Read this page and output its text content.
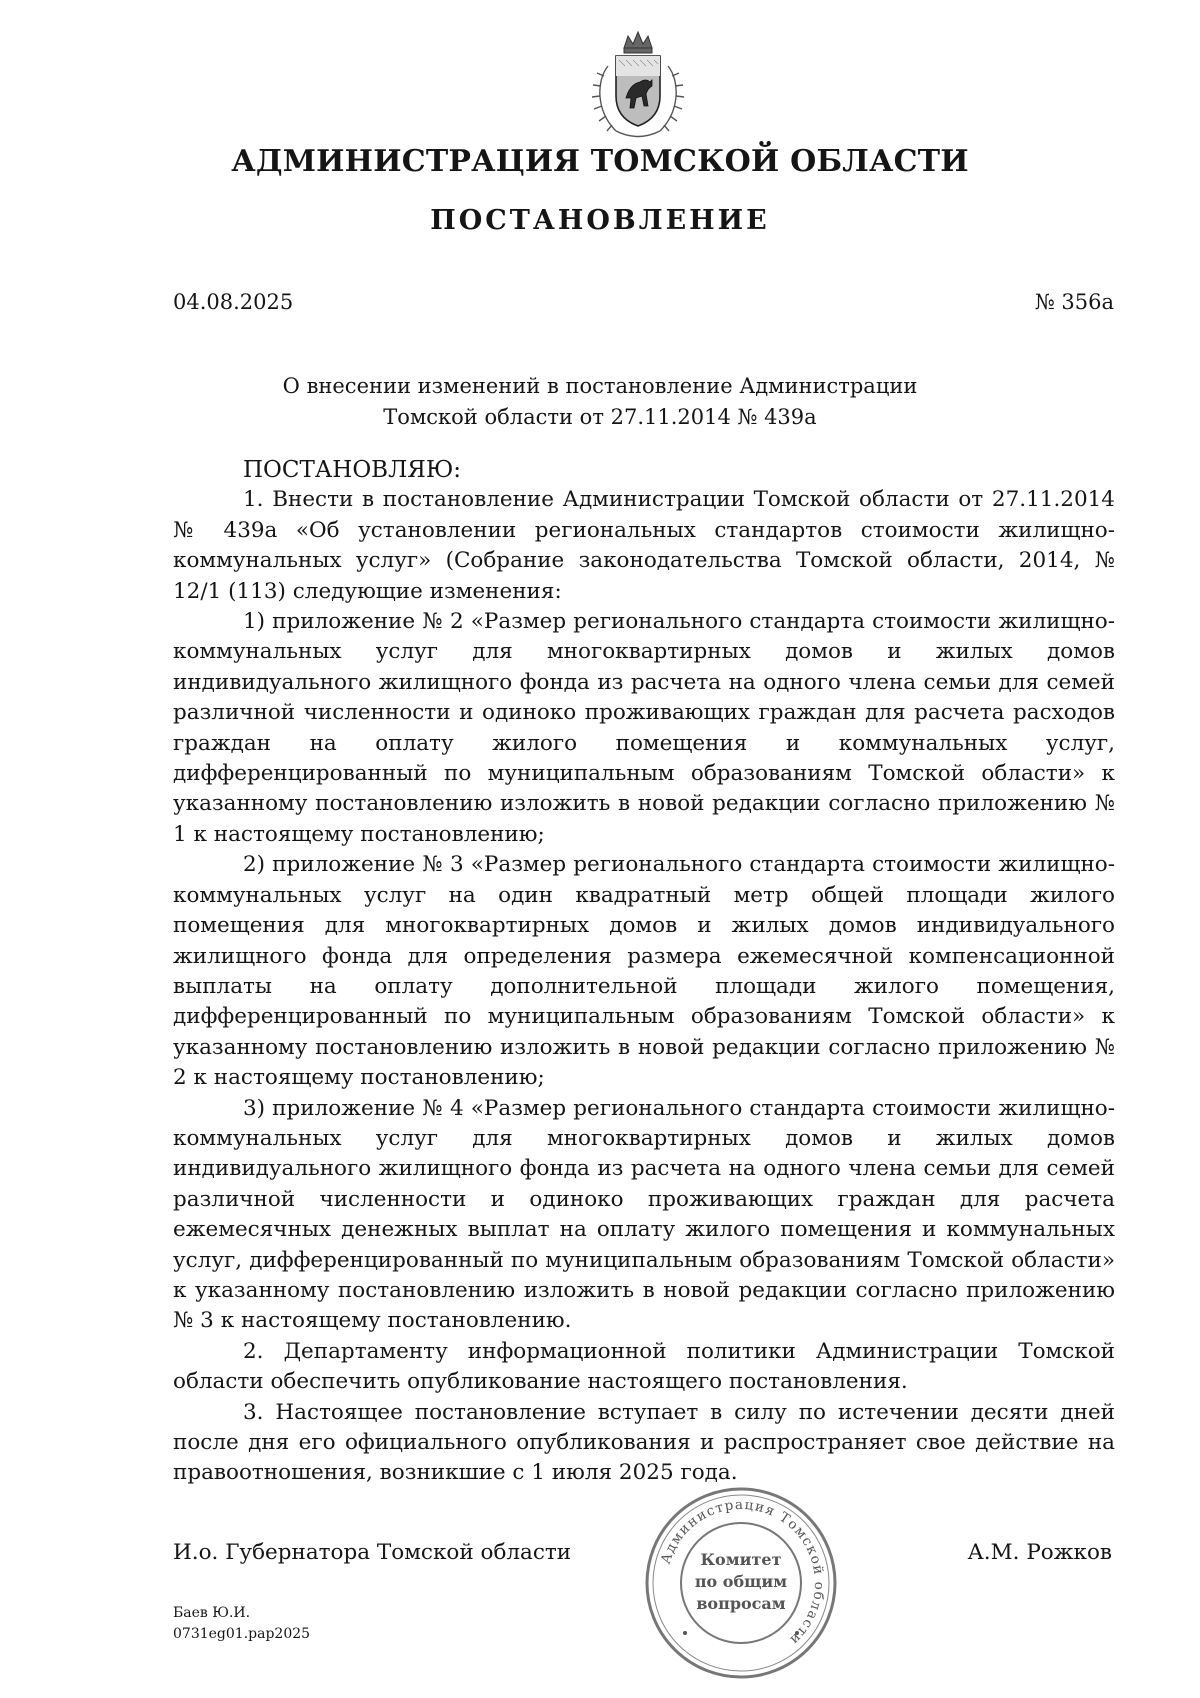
АДМИНИСТРАЦИЯ ТОМСКОЙ ОБЛАСТИ
ПОСТАНОВЛЕНИЕ
04.08.2025	№ 356а
О внесении изменений в постановление Администрации
Томской области от 27.11.2014 № 439а

ПОСТАНОВЛЯЮ:

1. Внести в постановление Администрации Томской области от 27.11.2014 № 439а «Об установлении региональных стандартов стоимости жилищно-коммунальных услуг» (Собрание законодательства Томской области, 2014, № 12/1 (113) следующие изменения:

1) приложение № 2 «Размер регионального стандарта стоимости жилищно-коммунальных услуг для многоквартирных домов и жилых домов индивидуального жилищного фонда из расчета на одного члена семьи для семей различной численности и одиноко проживающих граждан для расчета расходов граждан на оплату жилого помещения и коммунальных услуг, дифференцированный по муниципальным образованиям Томской области» к указанному постановлению изложить в новой редакции согласно приложению № 1 к настоящему постановлению;

2) приложение № 3 «Размер регионального стандарта стоимости жилищно-коммунальных услуг на один квадратный метр общей площади жилого помещения для многоквартирных домов и жилых домов индивидуального жилищного фонда для определения размера ежемесячной компенсационной выплаты на оплату дополнительной площади жилого помещения, дифференцированный по муниципальным образованиям Томской области» к указанному постановлению изложить в новой редакции согласно приложению № 2 к настоящему постановлению;

3) приложение № 4 «Размер регионального стандарта стоимости жилищно-коммунальных услуг для многоквартирных домов и жилых домов индивидуального жилищного фонда из расчета на одного члена семьи для семей различной численности и одиноко проживающих граждан для расчета ежемесячных денежных выплат на оплату жилого помещения и коммунальных услуг, дифференцированный по муниципальным образованиям Томской области» к указанному постановлению изложить в новой редакции согласно приложению № 3 к настоящему постановлению.

2. Департаменту информационной политики Администрации Томской области обеспечить опубликование настоящего постановления.

3. Настоящее постановление вступает в силу по истечении десяти дней после дня его официального опубликования и распространяет свое действие на правоотношения, возникшие с 1 июля 2025 года.

И.о. Губернатора Томской области	А.М. Рожков
Администрация Томской области
Комитет
по общим
вопросам
Баев Ю.И.
0731eg01.pap2025
